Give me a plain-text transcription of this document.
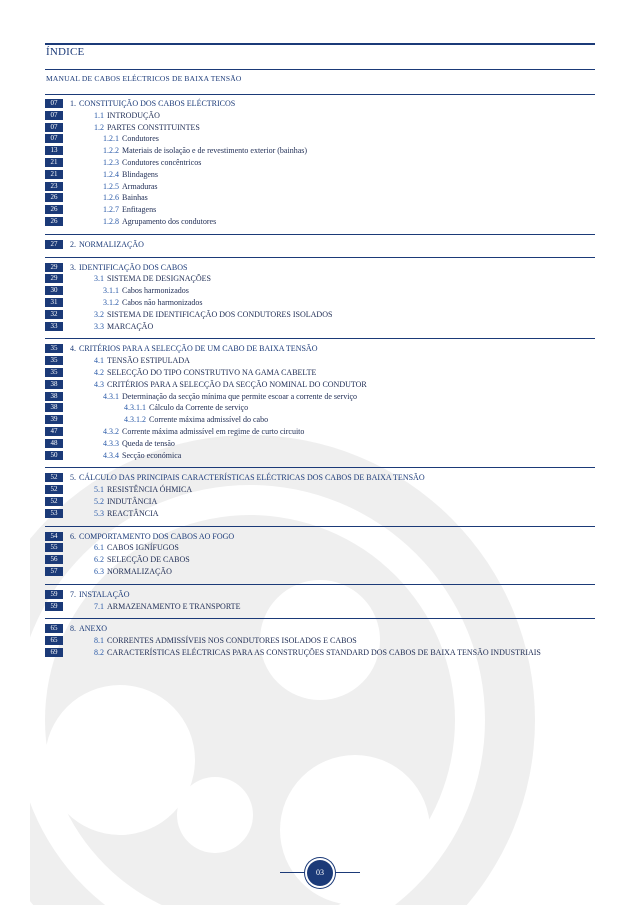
ÍNDICE
MANUAL DE CABOS ELÉCTRICOS DE BAIXA TENSÃO
07	1. CONSTITUIÇÃO DOS CABOS ELÉCTRICOS
07	1.1 INTRODUÇÃO
07	1.2 PARTES CONSTITUINTES
07	1.2.1 Condutores
13	1.2.2 Materiais de isolação e de revestimento exterior (bainhas)
21	1.2.3 Condutores concêntricos
21	1.2.4 Blindagens
23	1.2.5 Armaduras
26	1.2.6 Bainhas
26	1.2.7 Enfitagens
26	1.2.8 Agrupamento dos condutores
27	2. NORMALIZAÇÃO
29	3. IDENTIFICAÇÃO DOS CABOS
29	3.1 SISTEMA DE DESIGNAÇÕES
30	3.1.1 Cabos harmonizados
31	3.1.2 Cabos não harmonizados
32	3.2 SISTEMA DE IDENTIFICAÇÃO DOS CONDUTORES ISOLADOS
33	3.3 MARCAÇÃO
35	4. CRITÉRIOS PARA A SELECÇÃO DE UM CABO DE BAIXA TENSÃO
35	4.1 TENSÃO ESTIPULADA
35	4.2 SELECÇÃO DO TIPO CONSTRUTIVO NA GAMA CABELTE
38	4.3 CRITÉRIOS PARA A SELECÇÃO DA SECÇÃO NOMINAL DO CONDUTOR
38	4.3.1 Determinação da secção mínima que permite escoar a corrente de serviço
38	4.3.1.1 Cálculo da Corrente de serviço
39	4.3.1.2 Corrente máxima admissível do cabo
47	4.3.2 Corrente máxima admissível em regime de curto circuito
48	4.3.3 Queda de tensão
50	4.3.4 Secção económica
52	5. CÁLCULO DAS PRINCIPAIS CARACTERÍSTICAS ELÉCTRICAS DOS CABOS DE BAIXA TENSÃO
52	5.1 RESISTÊNCIA ÓHMICA
52	5.2 INDUTÂNCIA
53	5.3 REACTÂNCIA
54	6. COMPORTAMENTO DOS CABOS AO FOGO
55	6.1 CABOS IGNÍFUGOS
56	6.2 SELECÇÃO DE CABOS
57	6.3 NORMALIZAÇÃO
59	7. INSTALAÇÃO
59	7.1 ARMAZENAMENTO E TRANSPORTE
65	8. ANEXO
65	8.1 CORRENTES ADMISSÍVEIS NOS CONDUTORES ISOLADOS E CABOS
69	8.2 CARACTERÍSTICAS ELÉCTRICAS PARA AS CONSTRUÇÕES STANDARD DOS CABOS DE BAIXA TENSÃO INDUSTRIAIS
03
